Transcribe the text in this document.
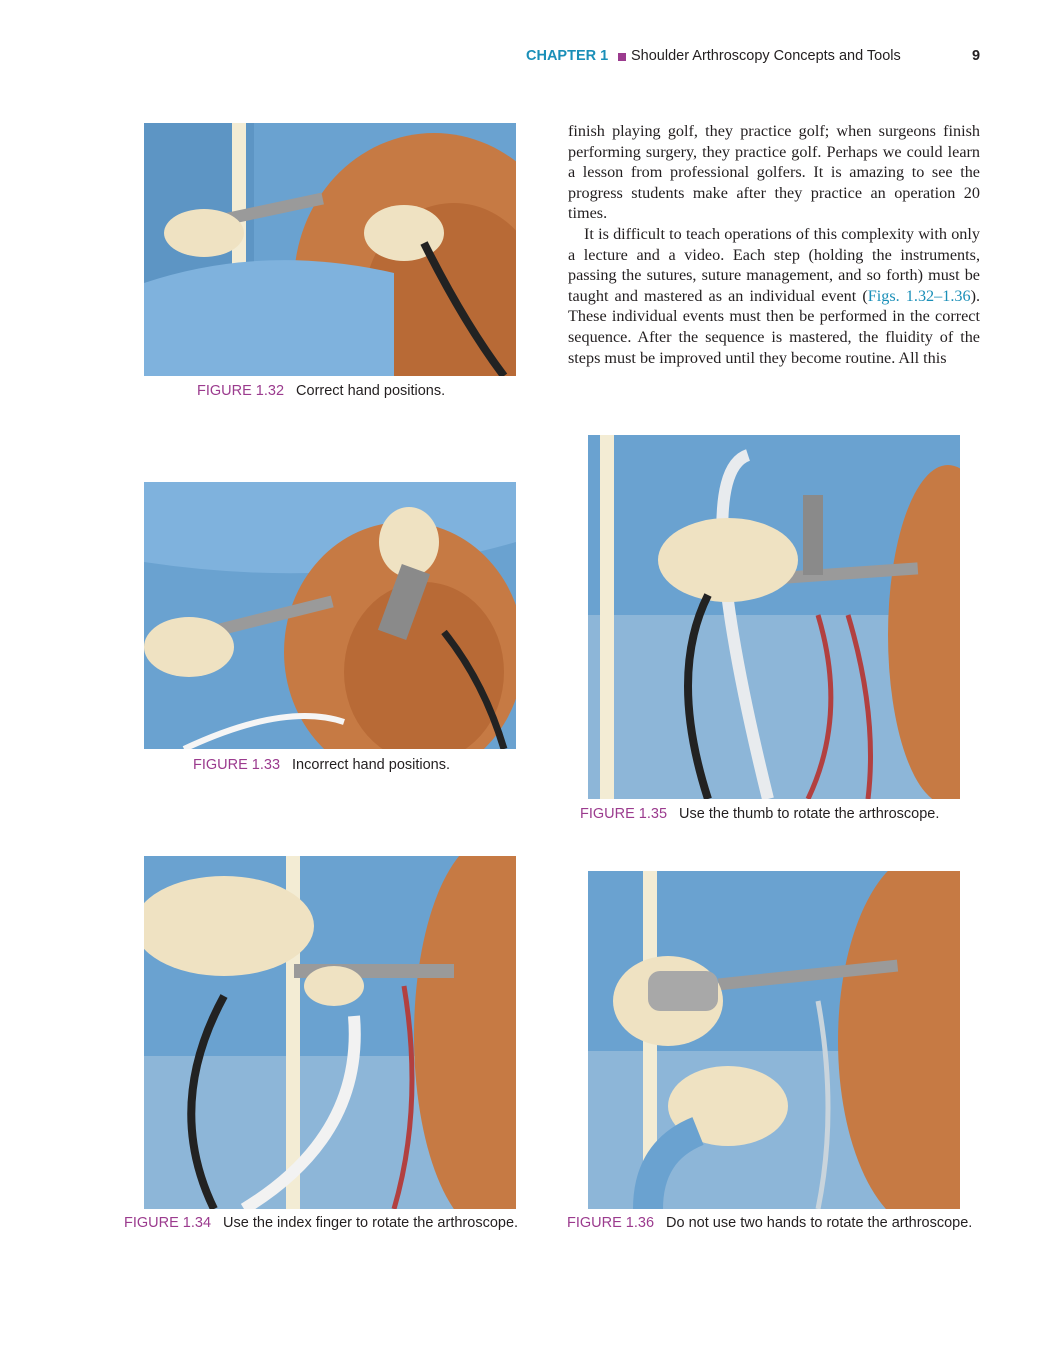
CHAPTER 1 Shoulder Arthroscopy Concepts and Tools	9

finish playing golf, they practice golf; when surgeons finish performing surgery, they practice golf. Perhaps we could learn a lesson from professional golfers. It is amazing to see the progress students make after they practice an operation 20 times.

It is difficult to teach operations of this complexity with only a lecture and a video. Each step (holding the instruments, passing the sutures, suture management, and so forth) must be taught and mastered as an individual event (Figs. 1.32–1.36). These individual events must then be performed in the correct sequence. After the sequence is mastered, the fluidity of the steps must be improved until they become routine. All this

FIGURE 1.32 Correct hand positions.
FIGURE 1.33 Incorrect hand positions.
FIGURE 1.35 Use the thumb to rotate the arthroscope.
FIGURE 1.34 Use the index finger to rotate the arthroscope.	FIGURE 1.36 Do not use two hands to rotate the arthroscope.
